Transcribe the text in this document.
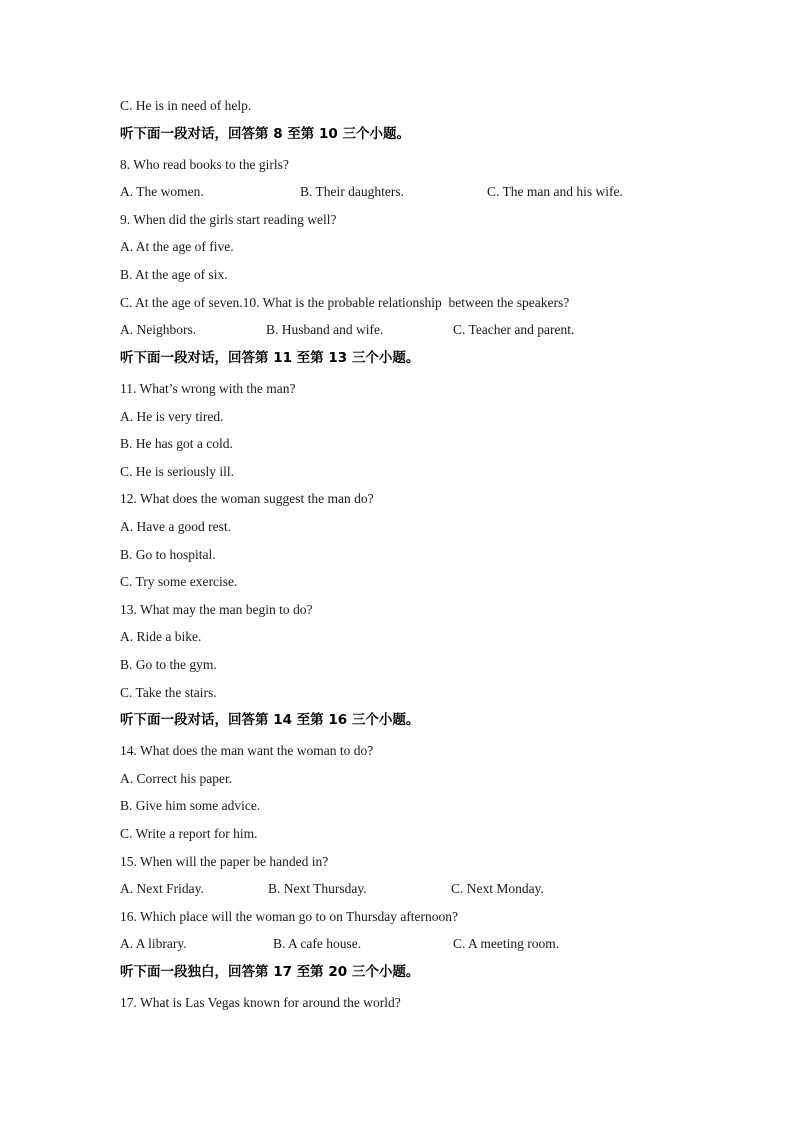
C. He is in need of help.
听下面一段对话，回答第 8 至第 10 三个小题。
8. Who read books to the girls?
A. The women.	B. Their daughters.	C. The man and his wife.
9. When did the girls start reading well?
A. At the age of five.
B. At the age of six.
C. At the age of seven.10. What is the probable relationship  between the speakers?
A. Neighbors.	B. Husband and wife.	C. Teacher and parent.
听下面一段对话，回答第 11 至第 13 三个小题。
11. What’s wrong with the man?
A. He is very tired.
B. He has got a cold.
C. He is seriously ill.
12. What does the woman suggest the man do?
A. Have a good rest.
B. Go to hospital.
C. Try some exercise.
13. What may the man begin to do?
A. Ride a bike.
B. Go to the gym.
C. Take the stairs.
听下面一段对话，回答第 14 至第 16 三个小题。
14. What does the man want the woman to do?
A. Correct his paper.
B. Give him some advice.
C. Write a report for him.
15. When will the paper be handed in?
A. Next Friday.	B. Next Thursday.	C. Next Monday.
16. Which place will the woman go to on Thursday afternoon?
A. A library.	B. A cafe house.	C. A meeting room.
听下面一段独白，回答第 17 至第 20 三个小题。
17. What is Las Vegas known for around the world?
